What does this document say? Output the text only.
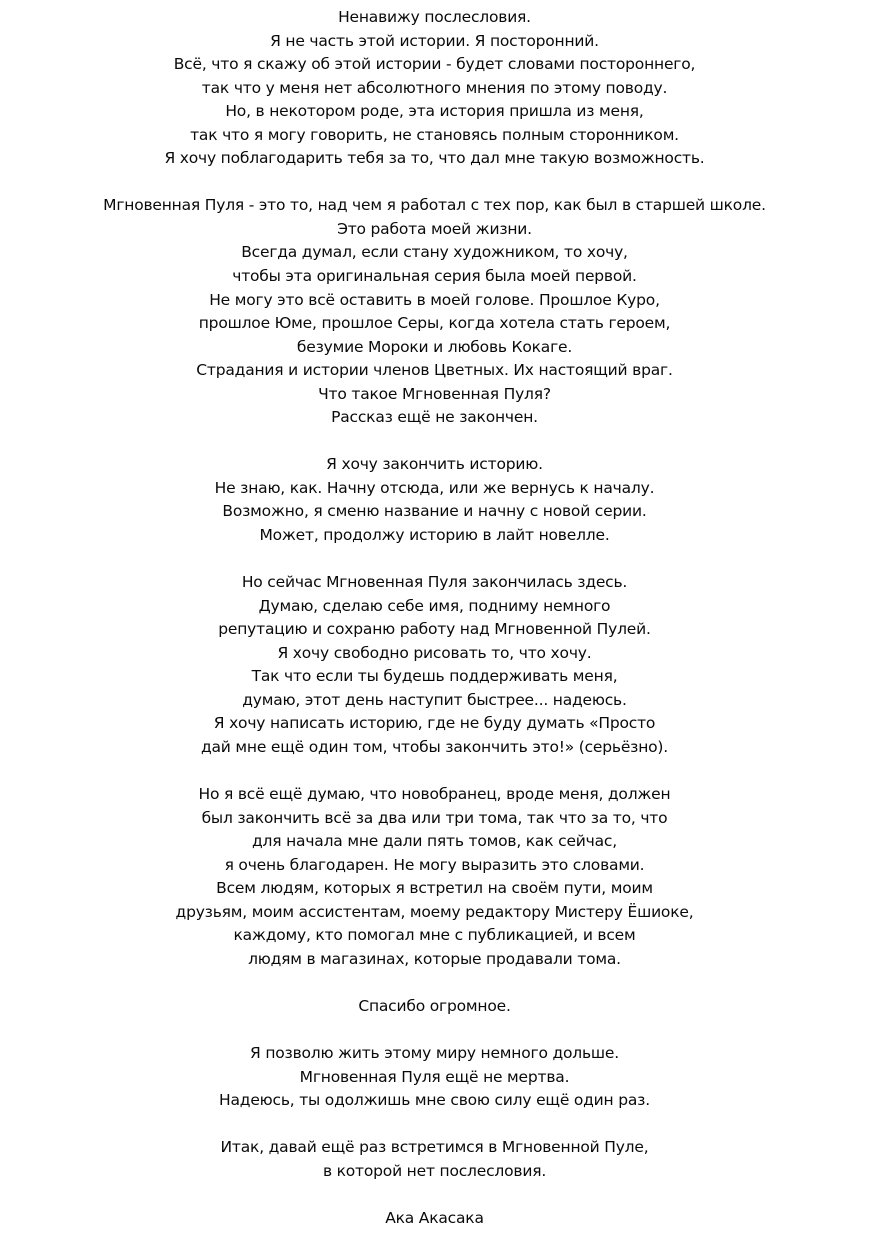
Ненавижу послесловия.
Я не часть этой истории. Я посторонний.
Всё, что я скажу об этой истории - будет словами постороннего,
так что у меня нет абсолютного мнения по этому поводу.
Но, в некотором роде, эта история пришла из меня,
так что я могу говорить, не становясь полным сторонником.
Я хочу поблагодарить тебя за то, что дал мне такую возможность.
Мгновенная Пуля - это то, над чем я работал с тех пор, как был в старшей школе.
Это работа моей жизни.
Всегда думал, если стану художником, то хочу,
чтобы эта оригинальная серия была моей первой.
Не могу это всё оставить в моей голове. Прошлое Куро,
прошлое Юме, прошлое Серы, когда хотела стать героем,
безумие Мороки и любовь Кокаге.
Страдания и истории членов Цветных. Их настоящий враг.
Что такое Мгновенная Пуля?
Рассказ ещё не закончен.
Я хочу закончить историю.
Не знаю, как. Начну отсюда, или же вернусь к началу.
Возможно, я сменю название и начну с новой серии.
Может, продолжу историю в лайт новелле.
Но сейчас Мгновенная Пуля закончилась здесь.
Думаю, сделаю себе имя, подниму немного
репутацию и сохраню работу над Мгновенной Пулей.
Я хочу свободно рисовать то, что хочу.
Так что если ты будешь поддерживать меня,
думаю, этот день наступит быстрее... надеюсь.
Я хочу написать историю, где не буду думать «Просто
дай мне ещё один том, чтобы закончить это!» (серьёзно).
Но я всё ещё думаю, что новобранец, вроде меня, должен
был закончить всё за два или три тома, так что за то, что
для начала мне дали пять томов, как сейчас,
я очень благодарен. Не могу выразить это словами.
Всем людям, которых я встретил на своём пути, моим
друзьям, моим ассистентам, моему редактору Мистеру Ёшиоке,
каждому, кто помогал мне с публикацией, и всем
людям в магазинах, которые продавали тома.
Спасибо огромное.
Я позволю жить этому миру немного дольше.
Мгновенная Пуля ещё не мертва.
Надеюсь, ты одолжишь мне свою силу ещё один раз.
Итак, давай ещё раз встретимся в Мгновенной Пуле,
в которой нет послесловия.
Ака Акасака
